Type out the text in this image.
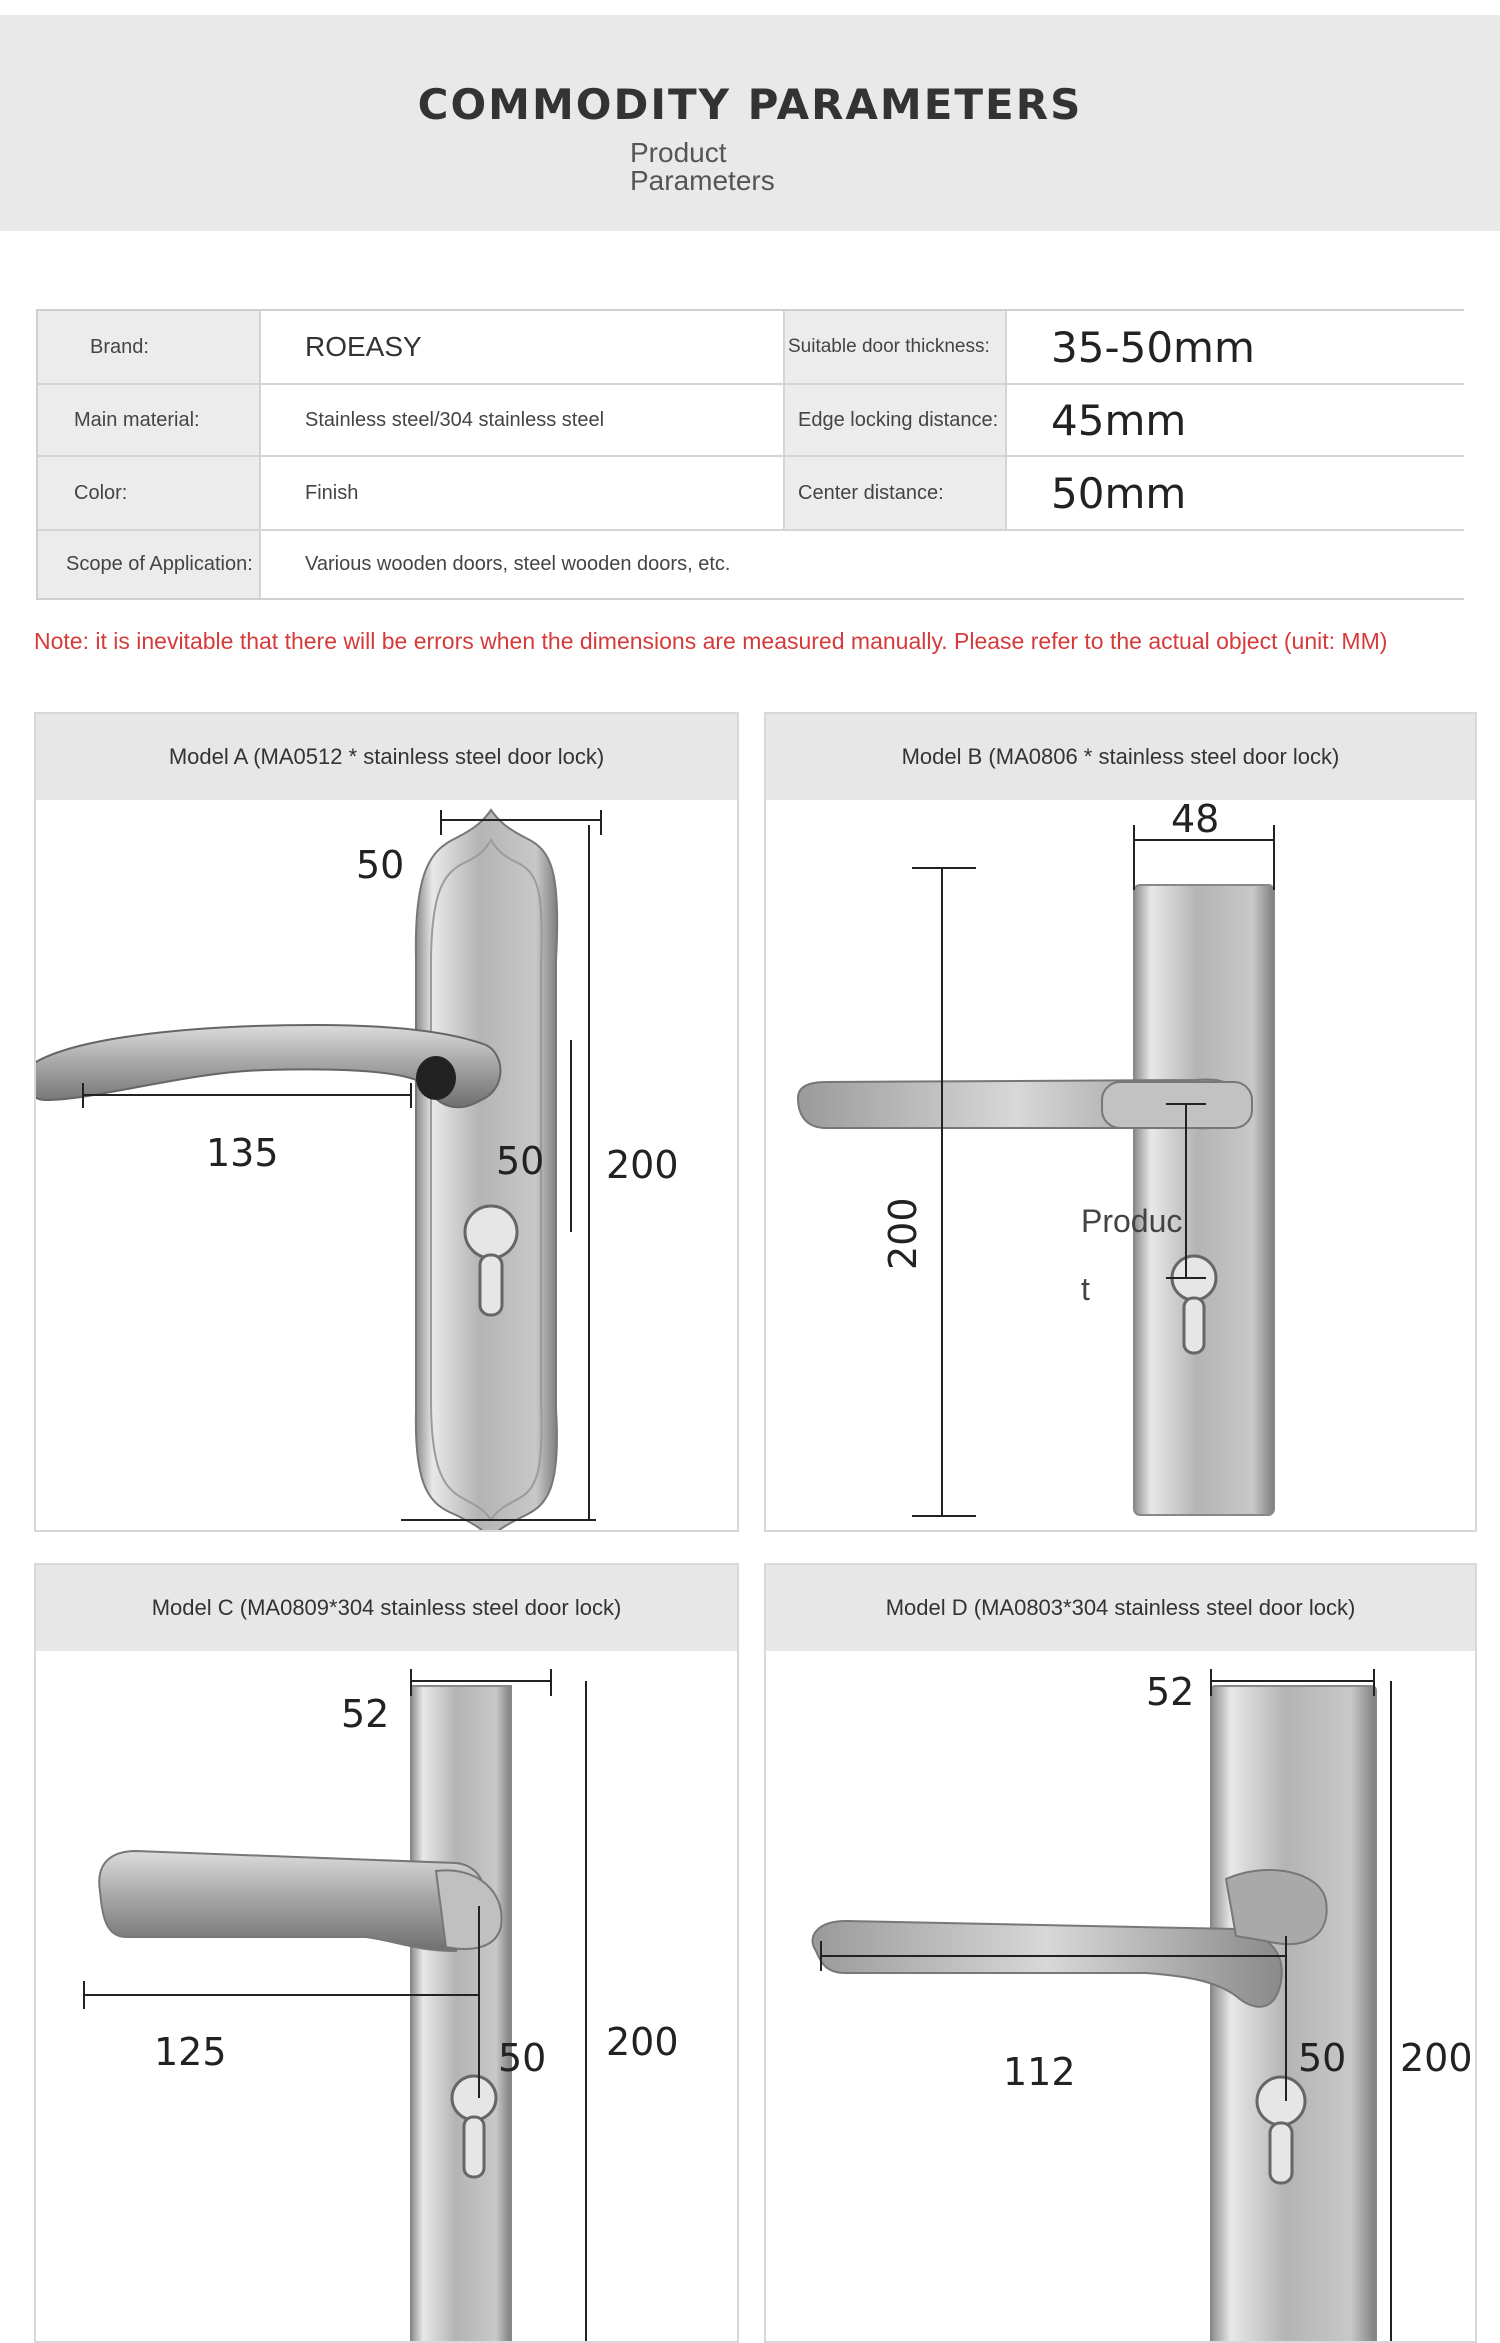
COMMODITY PARAMETERS
Product
Parameters
Brand:	ROEASY	Suitable door thickness:	35-50mm
Main material:	Stainless steel/304 stainless steel	Edge locking distance:	45mm
Color:	Finish	Center distance:	50mm
Scope of Application:	Various wooden doors, steel wooden doors, etc.
Note: it is inevitable that there will be errors when the dimensions are measured manually. Please refer to the actual object (unit: MM)
Model A (MA0512 * stainless steel door lock)
50
135	50 200
Model B (MA0806 * stainless steel door lock)
48
200	Produc
t
Model C (MA0809*304 stainless steel door lock)
52
125	50 200
Model D (MA0803*304 stainless steel door lock)
52
112	50 200
